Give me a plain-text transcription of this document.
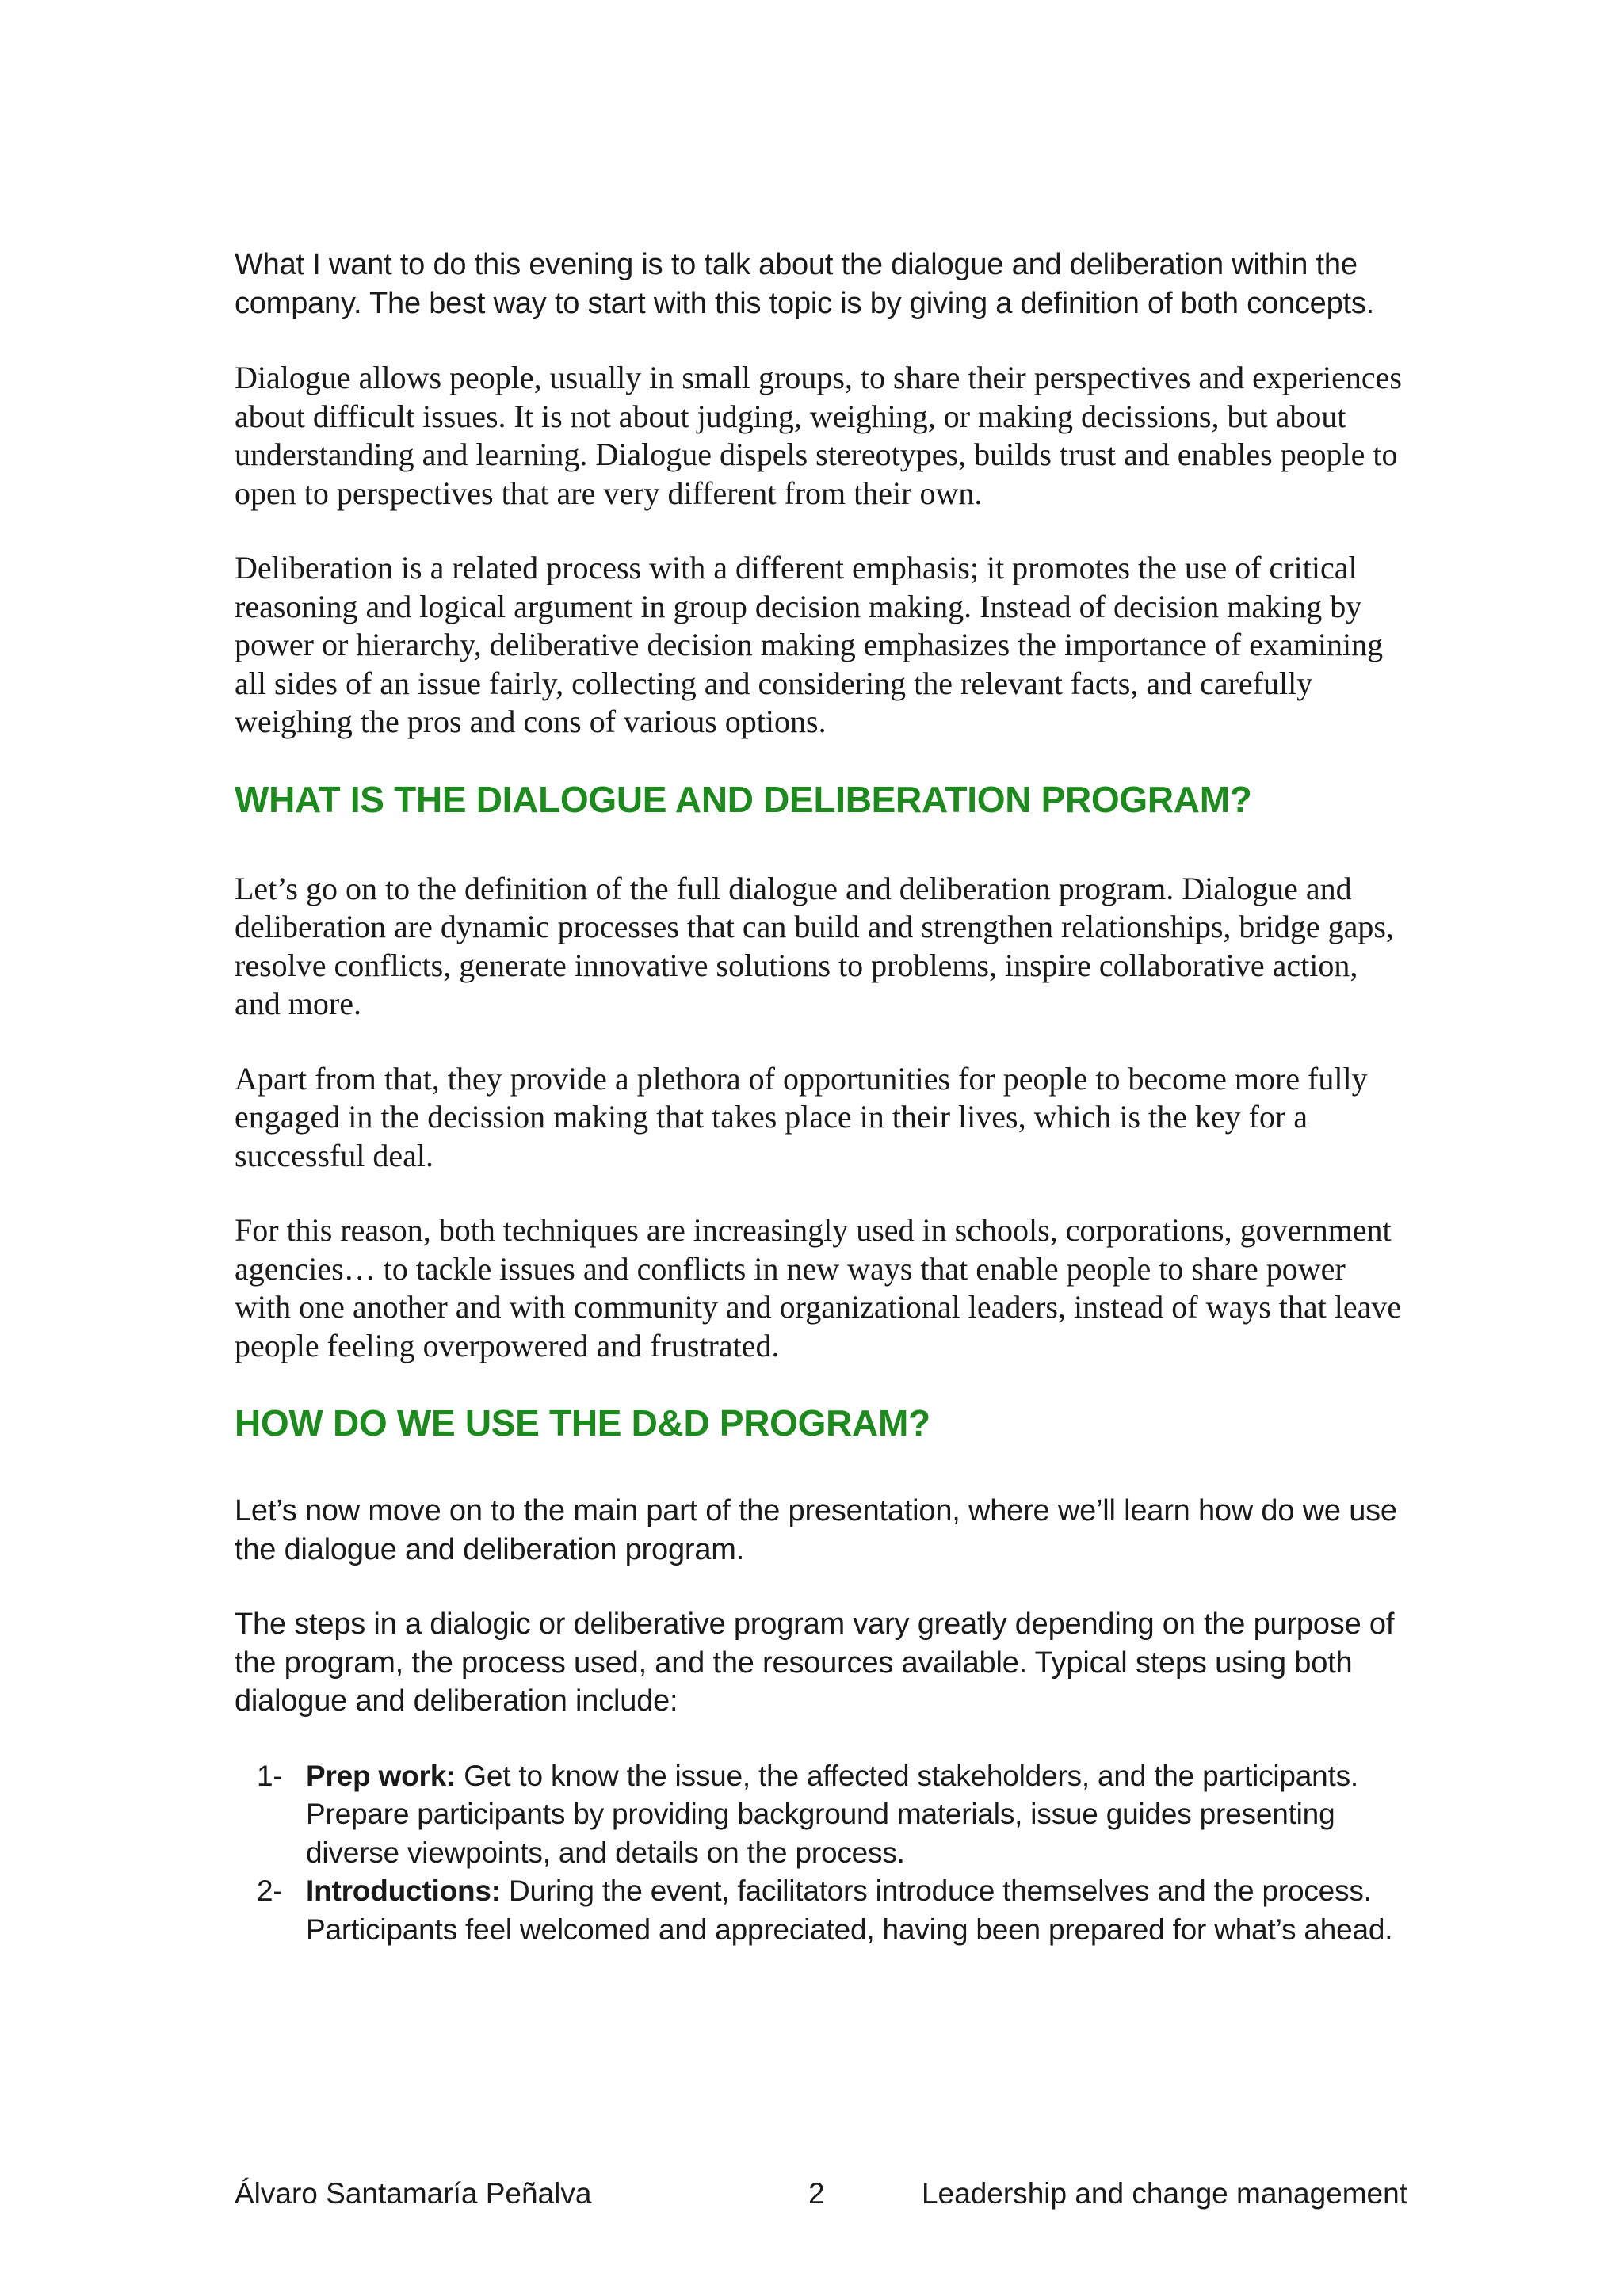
What I want to do this evening is to talk about the dialogue and deliberation within the company. The best way to start with this topic is by giving a definition of both concepts.

Dialogue allows people, usually in small groups, to share their perspectives and experiences about difficult issues. It is not about judging, weighing, or making decissions, but about understanding and learning. Dialogue dispels stereotypes, builds trust and enables people to open to perspectives that are very different from their own.

Deliberation is a related process with a different emphasis; it promotes the use of critical reasoning and logical argument in group decision making. Instead of decision making by power or hierarchy, deliberative decision making emphasizes the importance of examining all sides of an issue fairly, collecting and considering the relevant facts, and carefully weighing the pros and cons of various options.

WHAT IS THE DIALOGUE AND DELIBERATION PROGRAM?

Let’s go on to the definition of the full dialogue and deliberation program. Dialogue and deliberation are dynamic processes that can build and strengthen relationships, bridge gaps, resolve conflicts, generate innovative solutions to problems, inspire collaborative action, and more.

Apart from that, they provide a plethora of opportunities for people to become more fully engaged in the decission making that takes place in their lives, which is the key for a successful deal.

For this reason, both techniques are increasingly used in schools, corporations, government agencies… to tackle issues and conflicts in new ways that enable people to share power with one another and with community and organizational leaders, instead of ways that leave people feeling overpowered and frustrated.

HOW DO WE USE THE D&D PROGRAM?

Let’s now move on to the main part of the presentation, where we’ll learn how do we use the dialogue and deliberation program.

The steps in a dialogic or deliberative program vary greatly depending on the purpose of the program, the process used, and the resources available. Typical steps using both dialogue and deliberation include:

1- Prep work: Get to know the issue, the affected stakeholders, and the participants. Prepare participants by providing background materials, issue guides presenting diverse viewpoints, and details on the process.
2- Introductions: During the event, facilitators introduce themselves and the process. Participants feel welcomed and appreciated, having been prepared for what’s ahead.
Álvaro Santamaría Peñalva	2	Leadership and change management
